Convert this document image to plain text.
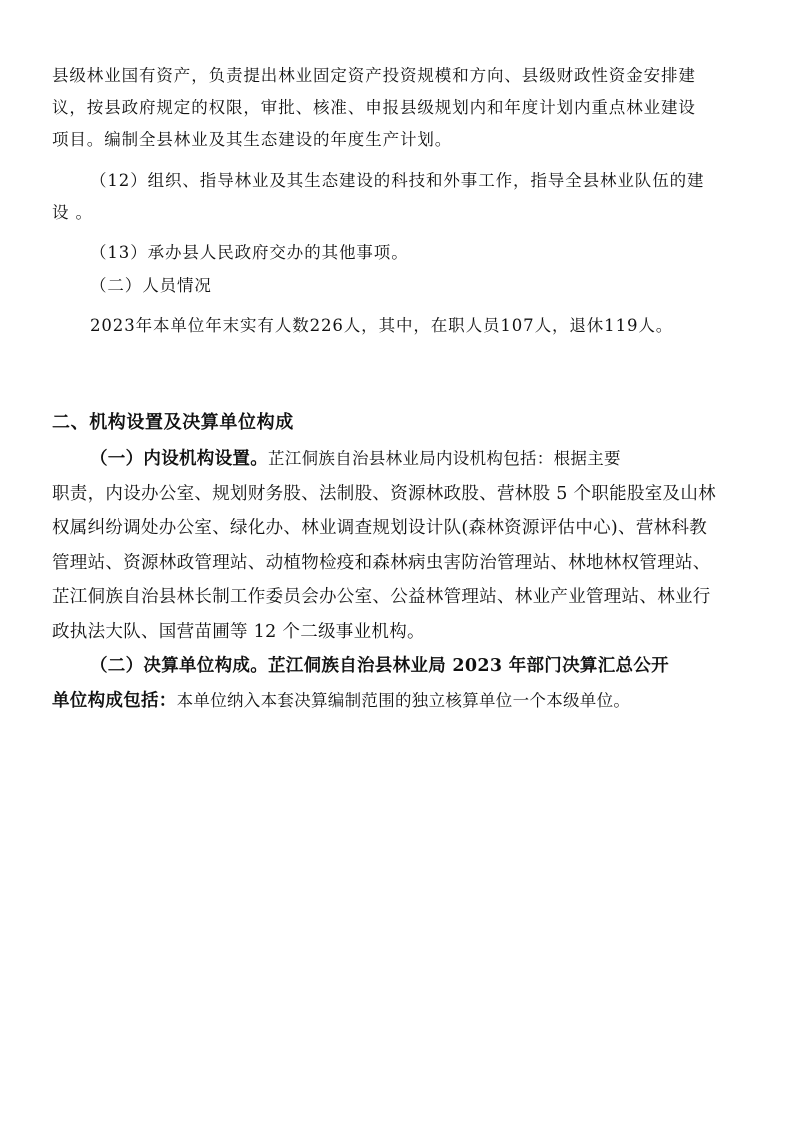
县级林业国有资产，负责提出林业固定资产投资规模和方向、县级财政性资金安排建
议，按县政府规定的权限，审批、核准、申报县级规划内和年度计划内重点林业建设
项目。编制全县林业及其生态建设的年度生产计划。
（12）组织、指导林业及其生态建设的科技和外事工作，指导全县林业队伍的建
设 。
（13）承办县人民政府交办的其他事项。
（二）人员情况
2023年本单位年末实有人数226人，其中，在职人员107人，退休119人。
二、机构设置及决算单位构成
（一）内设机构设置。芷江侗族自治县林业局内设机构包括：根据主要
职责，内设办公室、规划财务股、法制股、资源林政股、营林股 5 个职能股室及山林
权属纠纷调处办公室、绿化办、林业调查规划设计队(森林资源评估中心)、营林科教
管理站、资源林政管理站、动植物检疫和森林病虫害防治管理站、林地林权管理站、
芷江侗族自治县林长制工作委员会办公室、公益林管理站、林业产业管理站、林业行
政执法大队、国营苗圃等 12 个二级事业机构。
（二）决算单位构成。芷江侗族自治县林业局 2023 年部门决算汇总公开
单位构成包括：本单位纳入本套决算编制范围的独立核算单位一个本级单位。
